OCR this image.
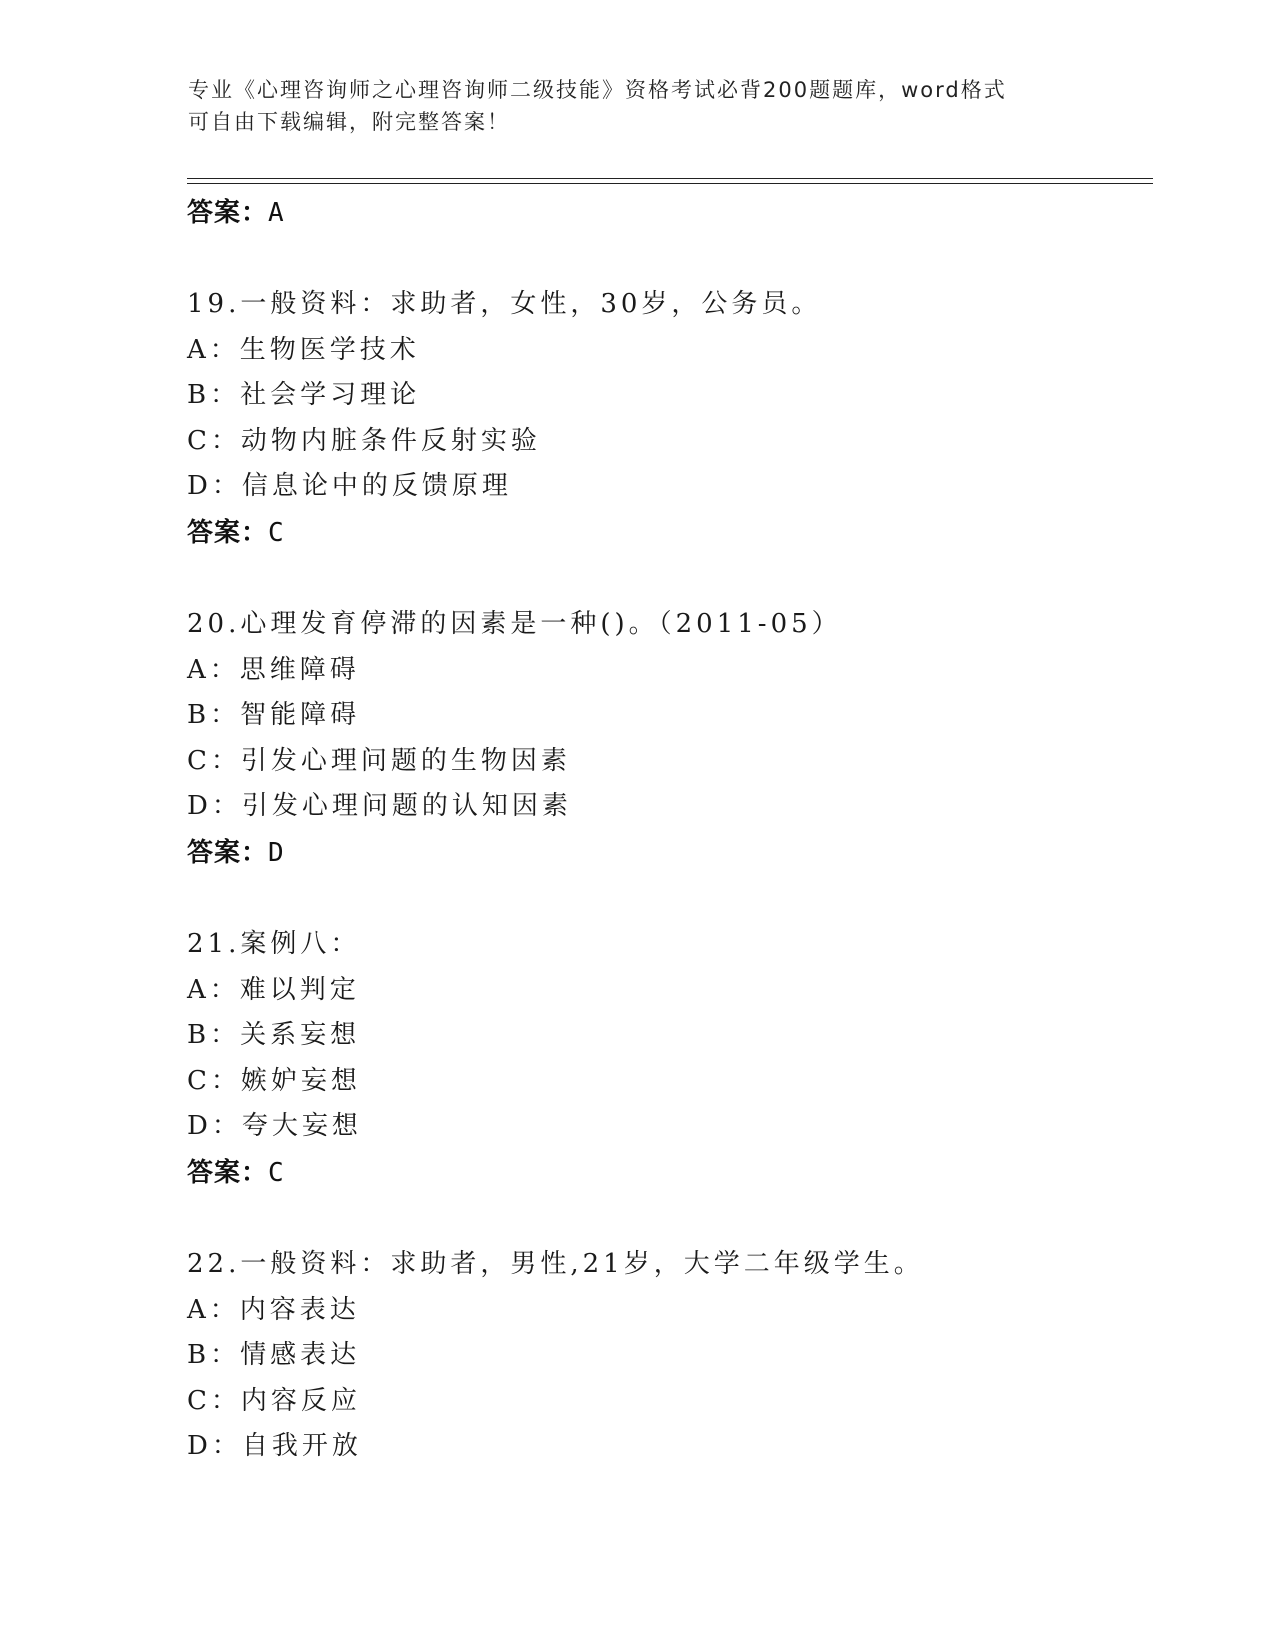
专业《心理咨询师之心理咨询师二级技能》资格考试必背200题题库，word格式
可自由下载编辑，附完整答案！
答案：A
19.一般资料：求助者，女性，30岁，公务员。
A：生物医学技术
B：社会学习理论
C：动物内脏条件反射实验
D：信息论中的反馈原理
答案：C
20.心理发育停滞的因素是一种()。（2011-05）
A：思维障碍
B：智能障碍
C：引发心理问题的生物因素
D：引发心理问题的认知因素
答案：D
21.案例八：
A：难以判定
B：关系妄想
C：嫉妒妄想
D：夸大妄想
答案：C
22.一般资料：求助者，男性,21岁，大学二年级学生。
A：内容表达
B：情感表达
C：内容反应
D：自我开放
